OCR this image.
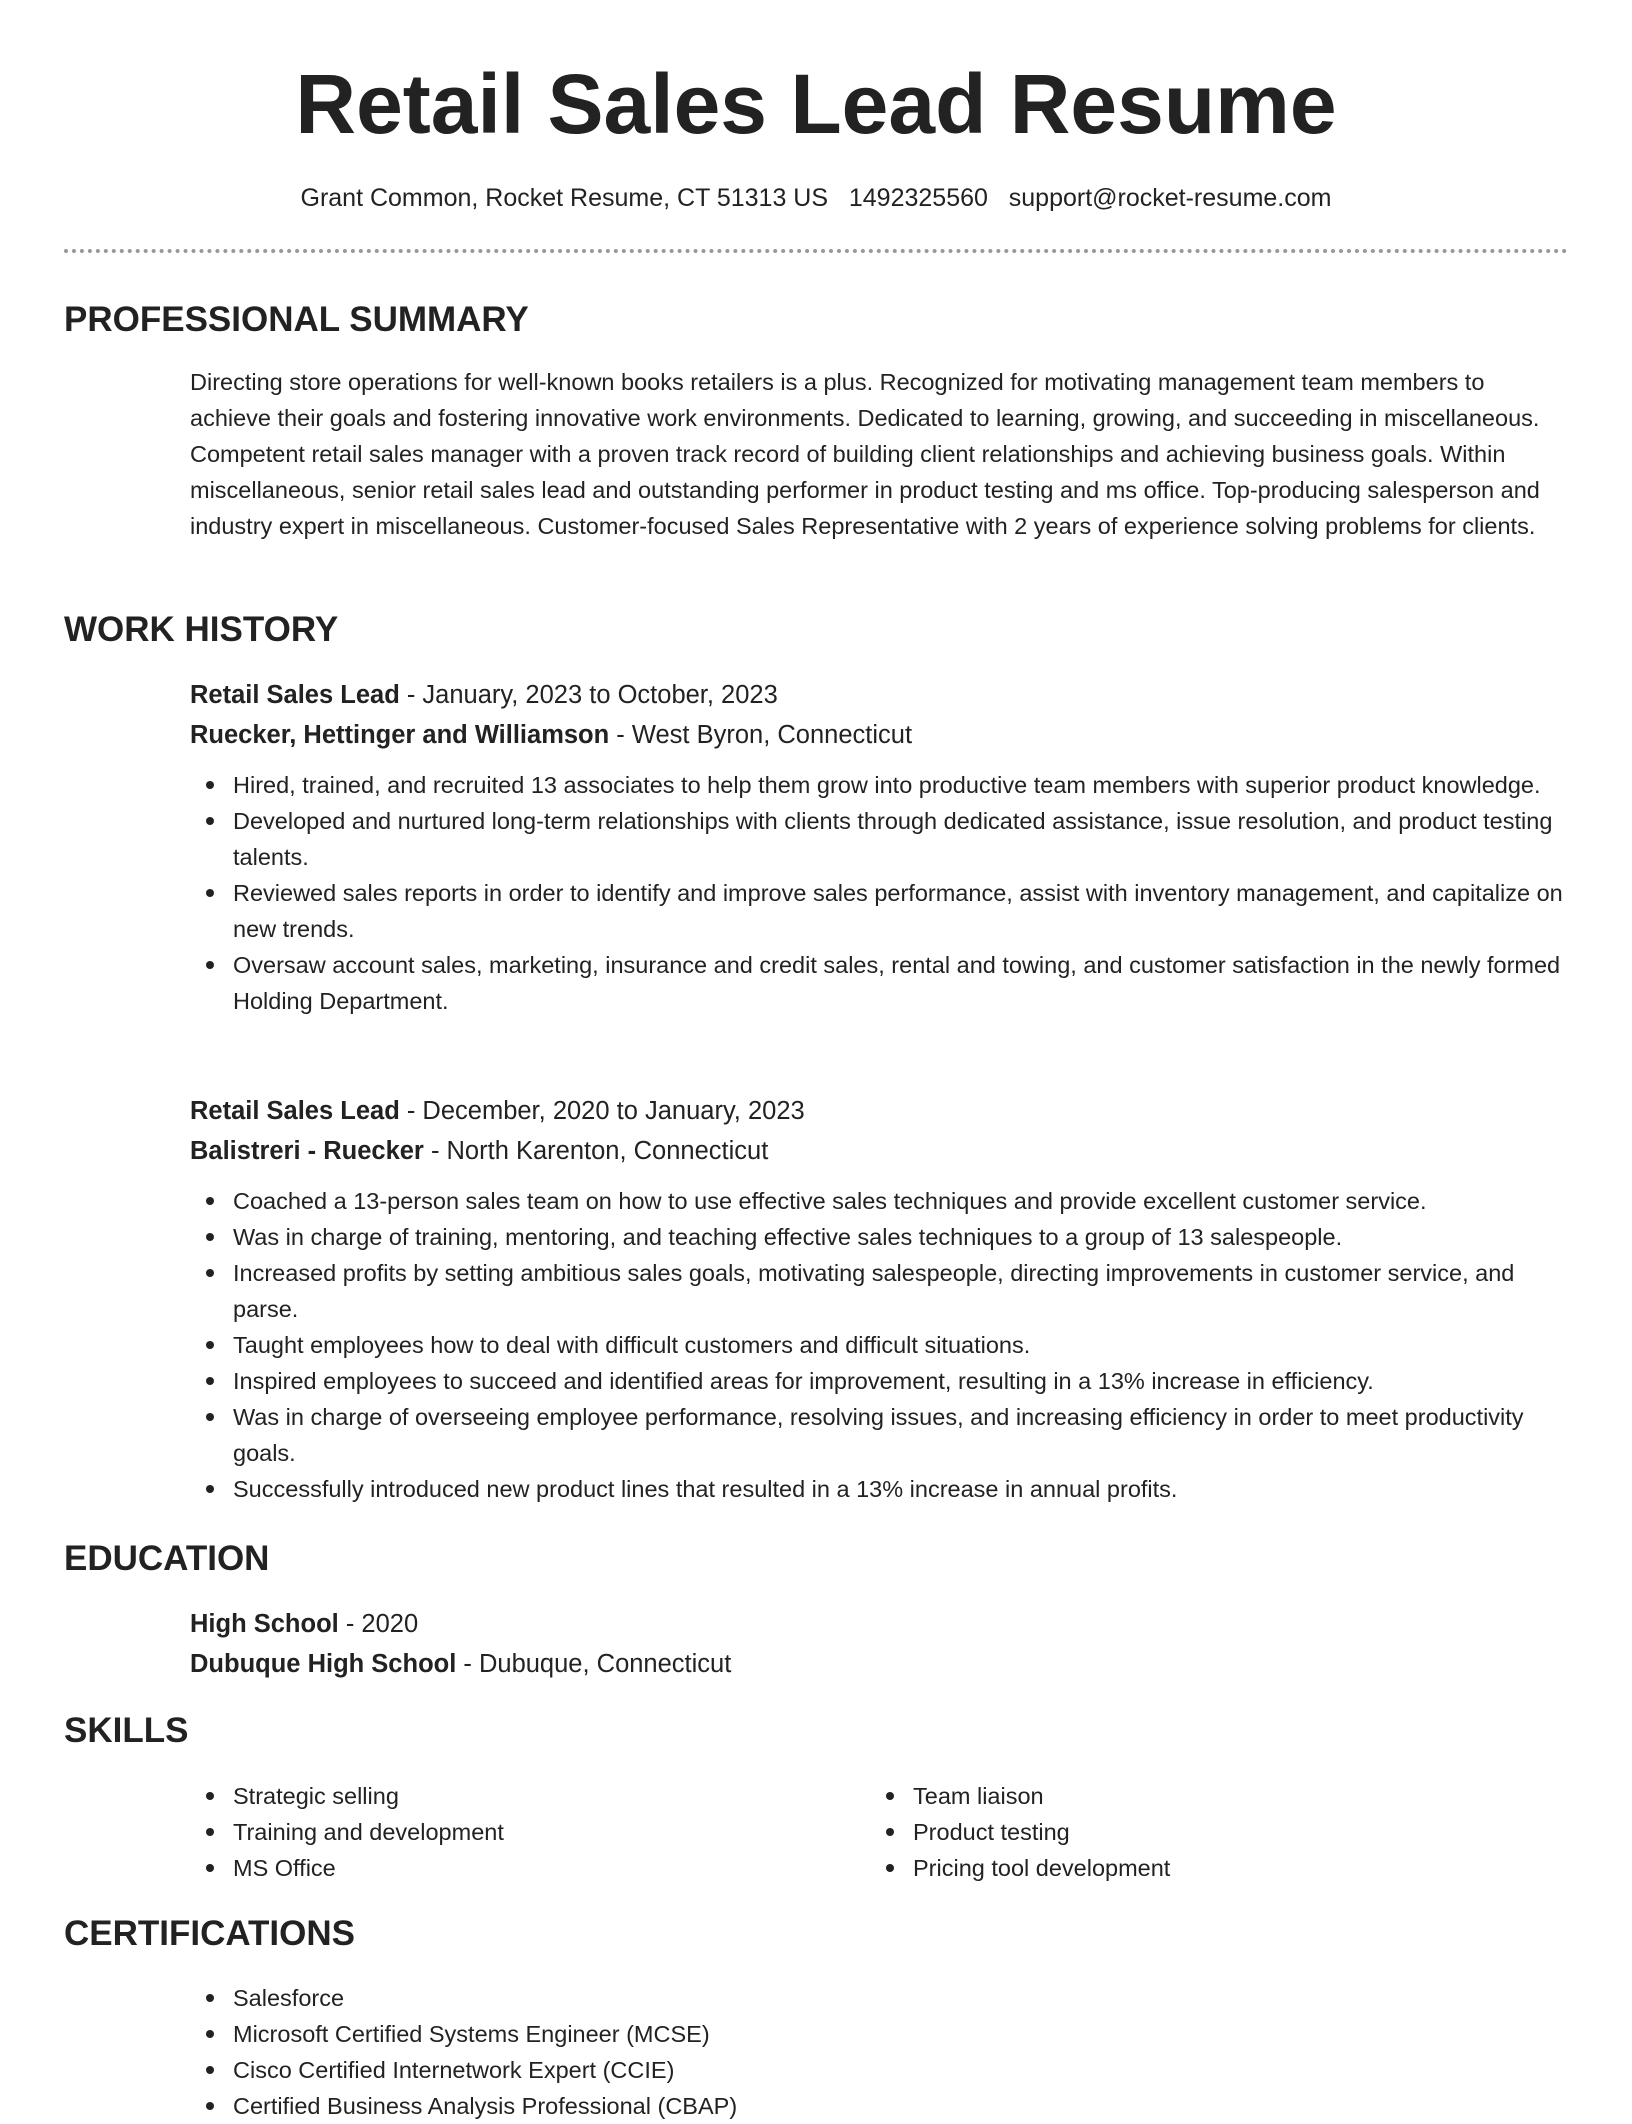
Retail Sales Lead Resume
Grant Common, Rocket Resume, CT 51313 US 1492325560 support@rocket-resume.com
PROFESSIONAL SUMMARY

Directing store operations for well-known books retailers is a plus. Recognized for motivating management team members to achieve their goals and fostering innovative work environments. Dedicated to learning, growing, and succeeding in miscellaneous. Competent retail sales manager with a proven track record of building client relationships and achieving business goals. Within miscellaneous, senior retail sales lead and outstanding performer in product testing and ms office. Top-producing salesperson and industry expert in miscellaneous. Customer-focused Sales Representative with 2 years of experience solving problems for clients.

WORK HISTORY

Retail Sales Lead - January, 2023 to October, 2023

Ruecker, Hettinger and Williamson - West Byron, Connecticut

Hired, trained, and recruited 13 associates to help them grow into productive team members with superior product knowledge.
Developed and nurtured long-term relationships with clients through dedicated assistance, issue resolution, and product testing talents.
Reviewed sales reports in order to identify and improve sales performance, assist with inventory management, and capitalize on new trends.
Oversaw account sales, marketing, insurance and credit sales, rental and towing, and customer satisfaction in the newly formed Holding Department.

Retail Sales Lead - December, 2020 to January, 2023

Balistreri - Ruecker - North Karenton, Connecticut

Coached a 13-person sales team on how to use effective sales techniques and provide excellent customer service.
Was in charge of training, mentoring, and teaching effective sales techniques to a group of 13 salespeople.
Increased profits by setting ambitious sales goals, motivating salespeople, directing improvements in customer service, and parse.
Taught employees how to deal with difficult customers and difficult situations.
Inspired employees to succeed and identified areas for improvement, resulting in a 13% increase in efficiency.
Was in charge of overseeing employee performance, resolving issues, and increasing efficiency in order to meet productivity goals.
Successfully introduced new product lines that resulted in a 13% increase in annual profits.
EDUCATION

High School - 2020

Dubuque High School - Dubuque, Connecticut

SKILLS
Strategic selling
Training and development
MS Office
Team liaison
Product testing
Pricing tool development
CERTIFICATIONS
Salesforce
Microsoft Certified Systems Engineer (MCSE)
Cisco Certified Internetwork Expert (CCIE)
Certified Business Analysis Professional (CBAP)
